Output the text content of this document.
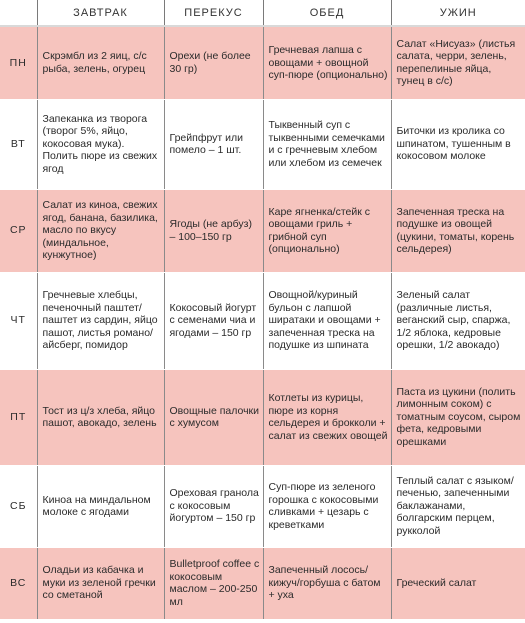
	ЗАВТРАК	ПЕРЕКУС	ОБЕД	УЖИН
ПН	Скрэмбл из 2 яиц, с/с рыба, зелень, огурец	Орехи (не более 30 гр)	Гречневая лапша с овощами + овощной суп-пюре (опционально)	Салат «Нисуаз» (листья салата, черри, зелень, перепелиные яйца, тунец в с/с)
ВТ	Запеканка из творога (творог 5%, яйцо, кокосовая мука). Полить пюре из свежих ягод	Грейпфрут или помело – 1 шт.	Тыквенный суп с тыквенными семечками и с гречневым хлебом или хлебом из семечек	Биточки из кролика со шпинатом, тушенным в кокосовом молоке
СР	Салат из киноа, свежих ягод, банана, базилика, масло по вкусу (миндальное, кунжутное)	Ягоды (не арбуз) – 100–150 гр	Каре ягненка/стейк с овощами гриль + грибной суп (опционально)	Запеченная треска на подушке из овощей (цукини, томаты, корень сельдерея)
ЧТ	Гречневые хлебцы, печеночный паштет/паштет из сардин, яйцо пашот, листья романо/айсберг, помидор	Кокосовый йогурт с семенами чиа и ягодами – 150 гр	Овощной/куриный бульон с лапшой ширатаки и овощами + запеченная треска на подушке из шпината	Зеленый салат (различные листья, веганский сыр, спаржа, 1/2 яблока, кедровые орешки, 1/2 авокадо)
ПТ	Тост из ц/з хлеба, яйцо пашот, авокадо, зелень	Овощные палочки с хумусом	Котлеты из курицы, пюре из корня сельдерея и брокколи + салат из свежих овощей	Паста из цукини (полить лимонным соком) с томатным соусом, сыром фета, кедровыми орешками
СБ	Киноа на миндальном молоке с ягодами	Ореховая гранола с кокосовым йогуртом – 150 гр	Суп-пюре из зеленого горошка с кокосовыми сливками + цезарь с креветками	Теплый салат с языком/печенью, запеченными баклажанами, болгарским перцем, рукколой
ВС	Оладьи из кабачка и муки из зеленой гречки со сметаной	Bulletproof coffee с кокосовым маслом – 200-250 мл	Запеченный лосось/кижуч/горбуша с батом + уха	Греческий салат
